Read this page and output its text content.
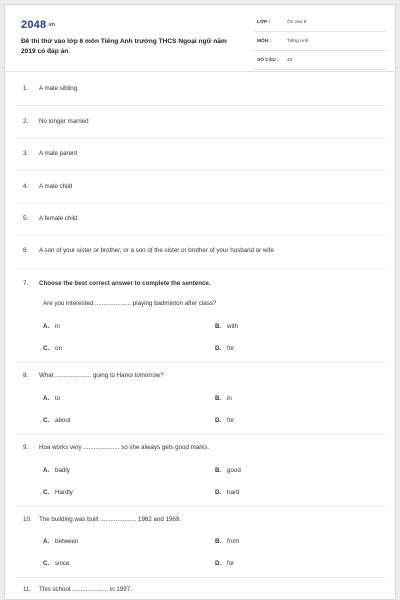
2048.vn
Đề thi thử vào lớp 6 môn Tiếng Anh trường THCS Ngoại ngữ năm 2019 có đáp án
LỚP :	Ôn vào 6
MÔN :	Tiếng Anh
SỐ CÂU : 40
1. A male sibling
2. No longer married
3. A male parent
4. A male child
5. A female child
6. A son of your sister or brother, or a son of the sister or brother of your husband or wife
7. Choose the best correct answer to complete the sentence.
Are you interested ..................... playing badminton after class?
A. in	B. with
C. on	D. for
8. What ..................... going to Hanoi tomorrow?
A. to	B. in
C. about	D. for
9. Hoa works very ..................... so she always gets good marks.
A. badly	B. good
C. Hardly	D. hard
10. The building was built ..................... 1962 and 1969.
A. between	B. from
C. since	D. for
11. This school ..................... in 1997.
